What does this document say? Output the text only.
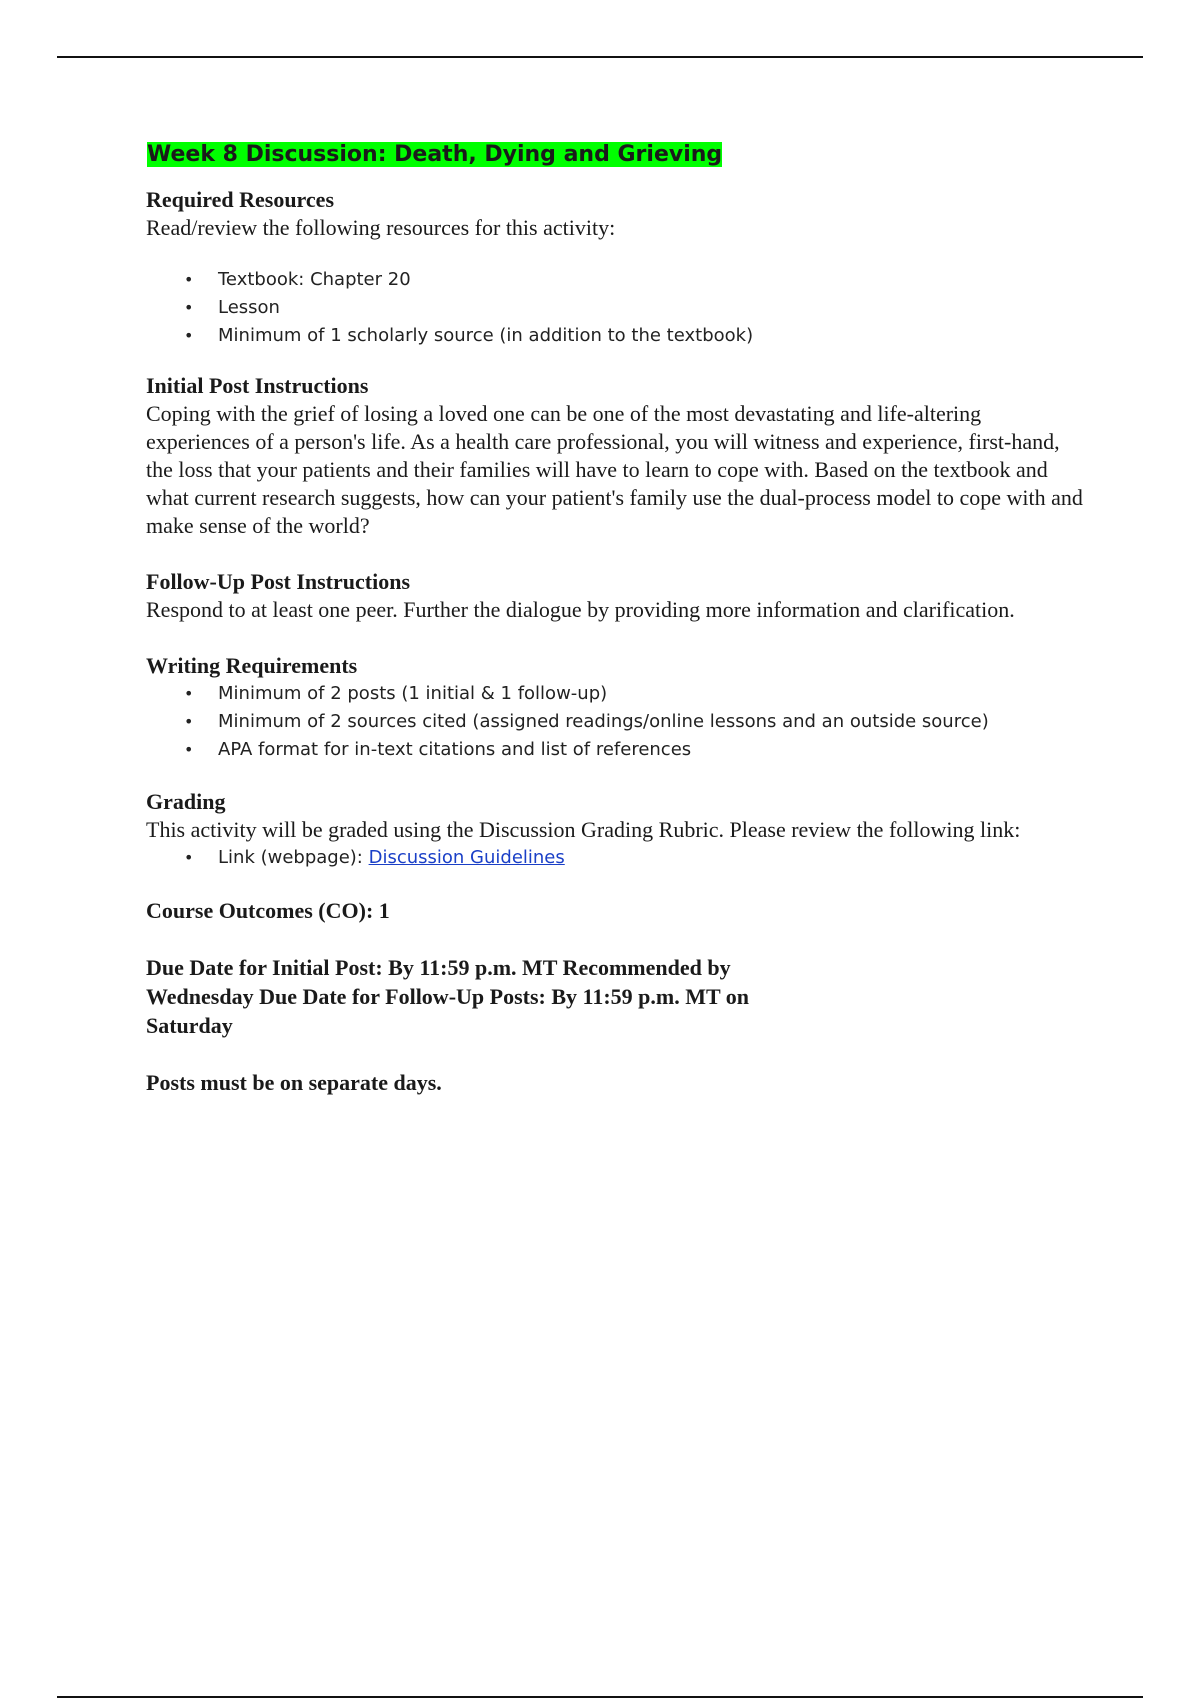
Week 8 Discussion: Death, Dying and Grieving

Required Resources

Read/review the following resources for this activity:

• Textbook: Chapter 20
• Lesson
• Minimum of 1 scholarly source (in addition to the textbook)

Initial Post Instructions

Coping with the grief of losing a loved one can be one of the most devastating and life-altering experiences of a person's life. As a health care professional, you will witness and experience, first-hand, the loss that your patients and their families will have to learn to cope with. Based on the textbook and what current research suggests, how can your patient's family use the dual-process model to cope with and make sense of the world?

Follow-Up Post Instructions

Respond to at least one peer. Further the dialogue by providing more information and clarification.

Writing Requirements

• Minimum of 2 posts (1 initial & 1 follow-up)
• Minimum of 2 sources cited (assigned readings/online lessons and an outside source)
• APA format for in-text citations and list of references

Grading

This activity will be graded using the Discussion Grading Rubric. Please review the following link:

• Link (webpage): Discussion Guidelines

Course Outcomes (CO): 1

Due Date for Initial Post: By 11:59 p.m. MT Recommended by Wednesday Due Date for Follow-Up Posts: By 11:59 p.m. MT on Saturday

Posts must be on separate days.
